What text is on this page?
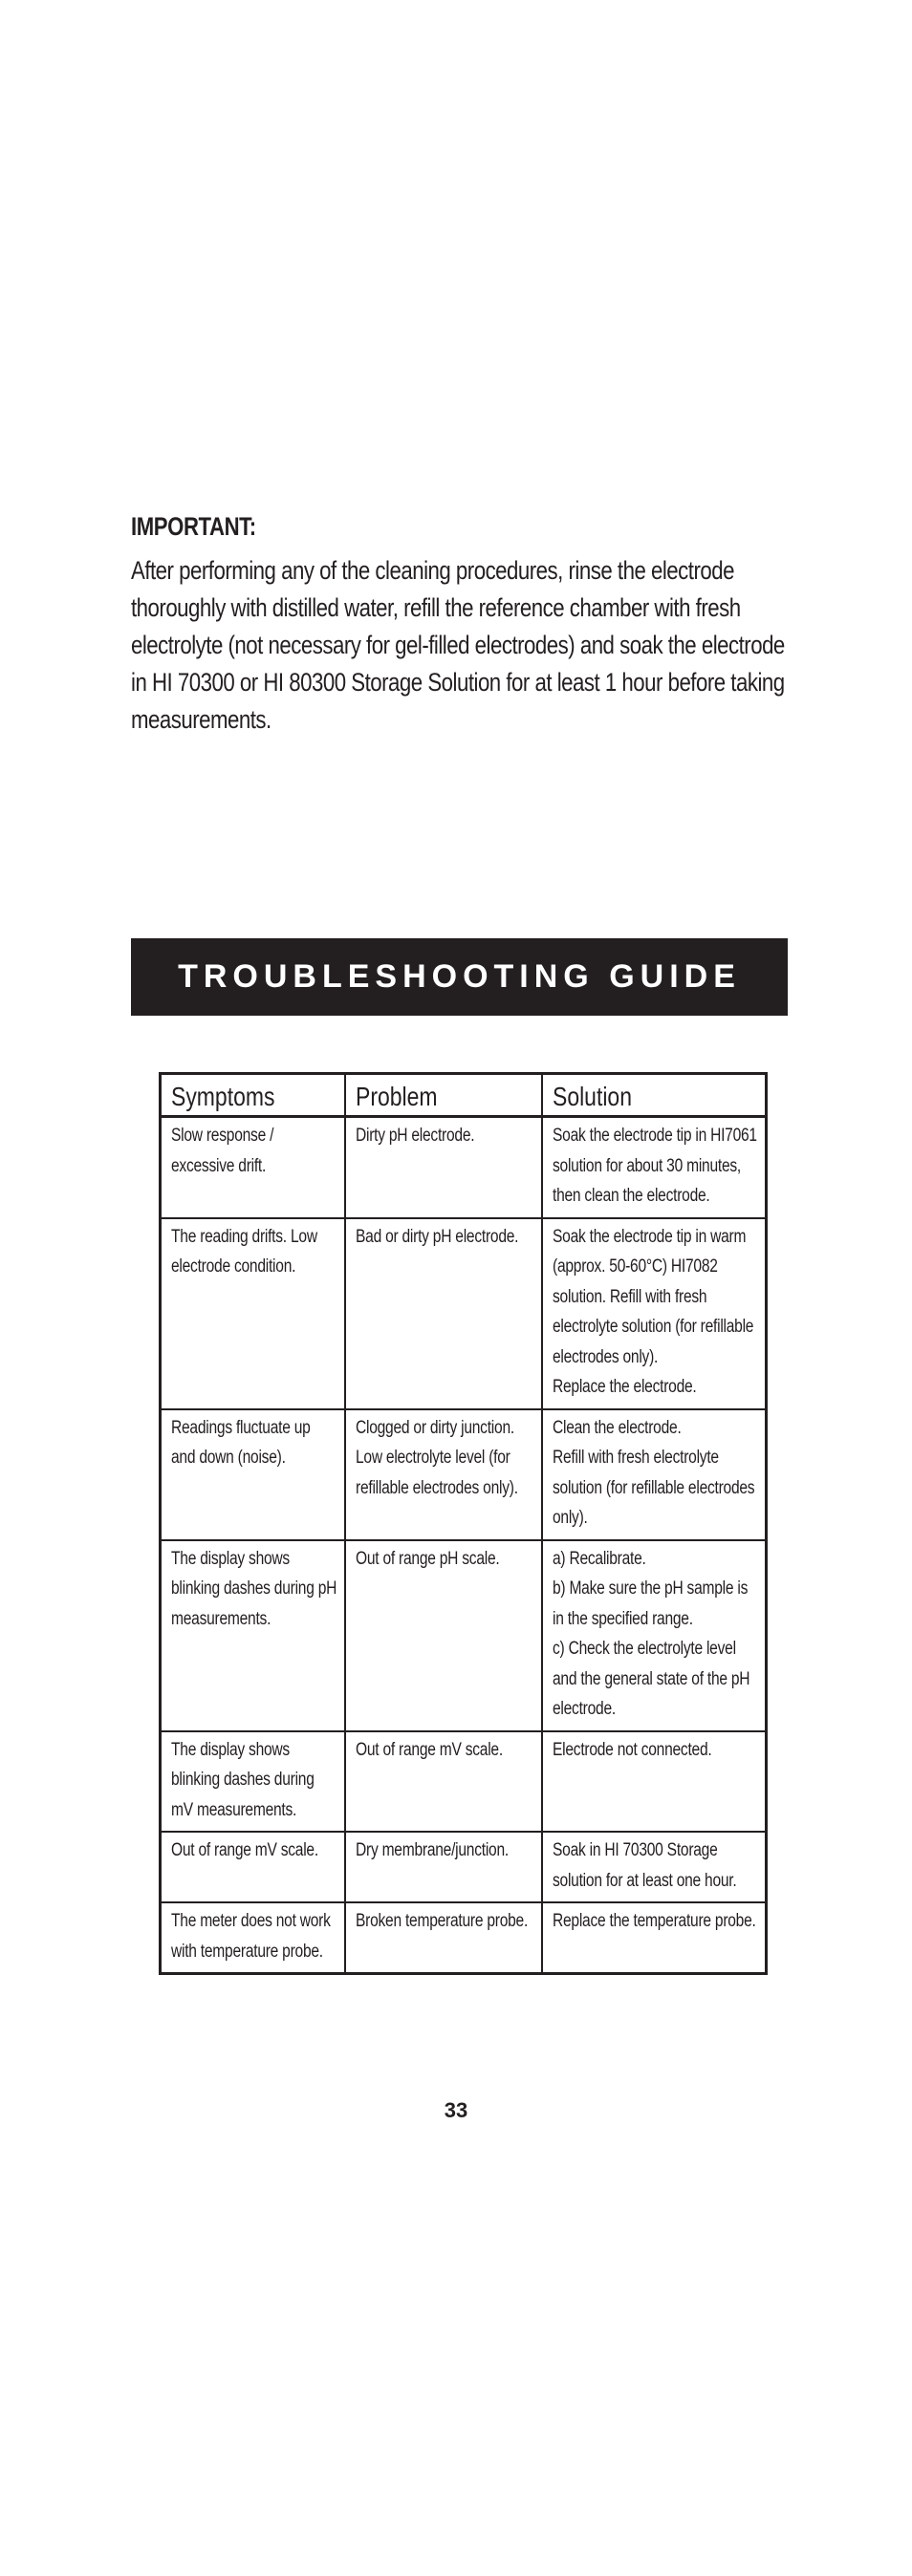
IMPORTANT:
After performing any of the cleaning procedures, rinse the electrode thoroughly with distilled water, refill the reference chamber with fresh electrolyte (not necessary for gel-filled electrodes) and soak the electrode in HI 70300 or HI 80300 Storage Solution for at least 1 hour before taking measurements.
TROUBLESHOOTING GUIDE
Symptoms	Problem	Solution

Slow response / excessive drift.	Dirty pH electrode.	Soak the electrode tip in HI7061 solution for about 30 minutes, then clean the electrode.

The reading drifts. Low electrode condition.	Bad or dirty pH electrode.	Soak the electrode tip in warm (approx. 50-60°C) HI7082 solution. Refill with fresh electrolyte solution (for refillable electrodes only).
Replace the electrode.

Readings fluctuate up and down (noise).	Clogged or dirty junction. Low electrolyte level (for refillable electrodes only).	Clean the electrode.
Refill with fresh electrolyte solution (for refillable electrodes only).

The display shows blinking dashes during pH measurements.	Out of range pH scale.	a) Recalibrate.
b) Make sure the pH sample is in the specified range.
c) Check the electrolyte level and the general state of the pH electrode.

The display shows blinking dashes during mV measurements.	Out of range mV scale.	Electrode not connected.

Out of range mV scale.	Dry membrane/junction.	Soak in HI 70300 Storage solution for at least one hour.

The meter does not work with temperature probe.	Broken temperature probe.	Replace the temperature probe.
33
